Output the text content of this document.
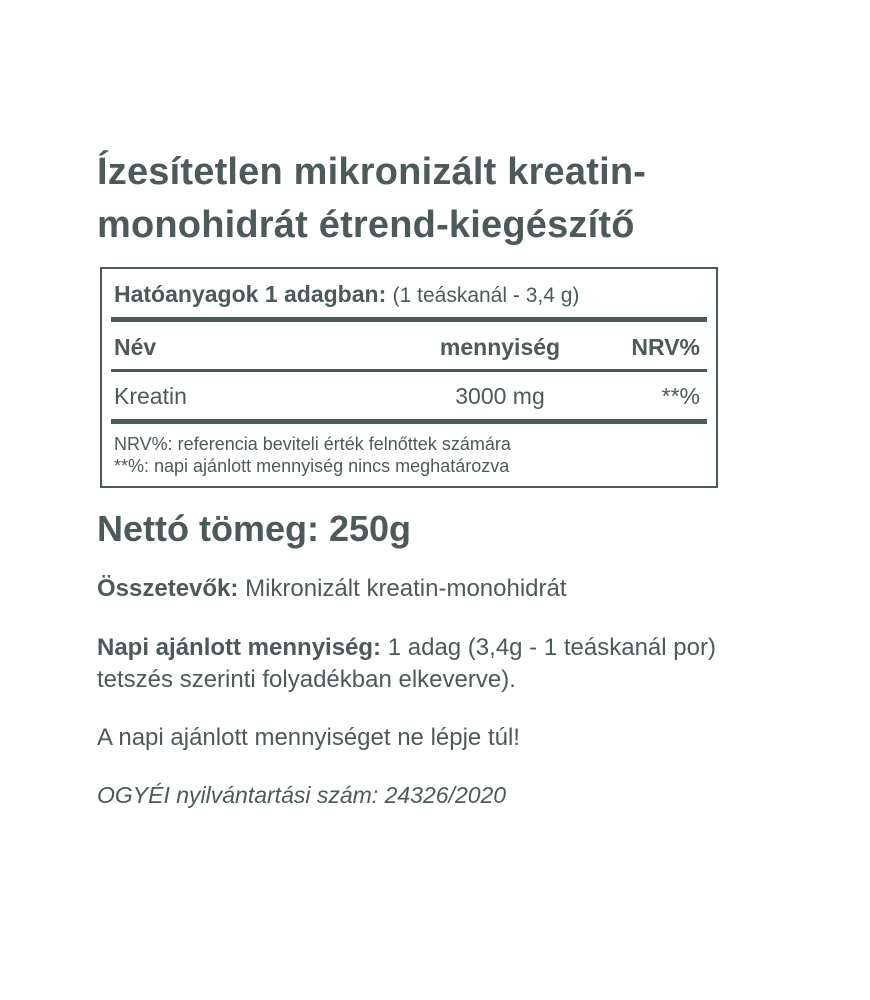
Ízesítetlen mikronizált kreatin-
monohidrát étrend-kiegészítő
Hatóanyagok 1 adagban: (1 teáskanál - 3,4 g)
Név	mennyiség	NRV%
Kreatin	3000 mg	**%
NRV%: referencia beviteli érték felnőttek számára
**%: napi ajánlott mennyiség nincs meghatározva
Nettó tömeg: 250g
Összetevők: Mikronizált kreatin-monohidrát
Napi ajánlott mennyiség: 1 adag (3,4g - 1 teáskanál por) tetszés szerinti folyadékban elkeverve).
A napi ajánlott mennyiséget ne lépje túl!
OGYÉI nyilvántartási szám: 24326/2020
